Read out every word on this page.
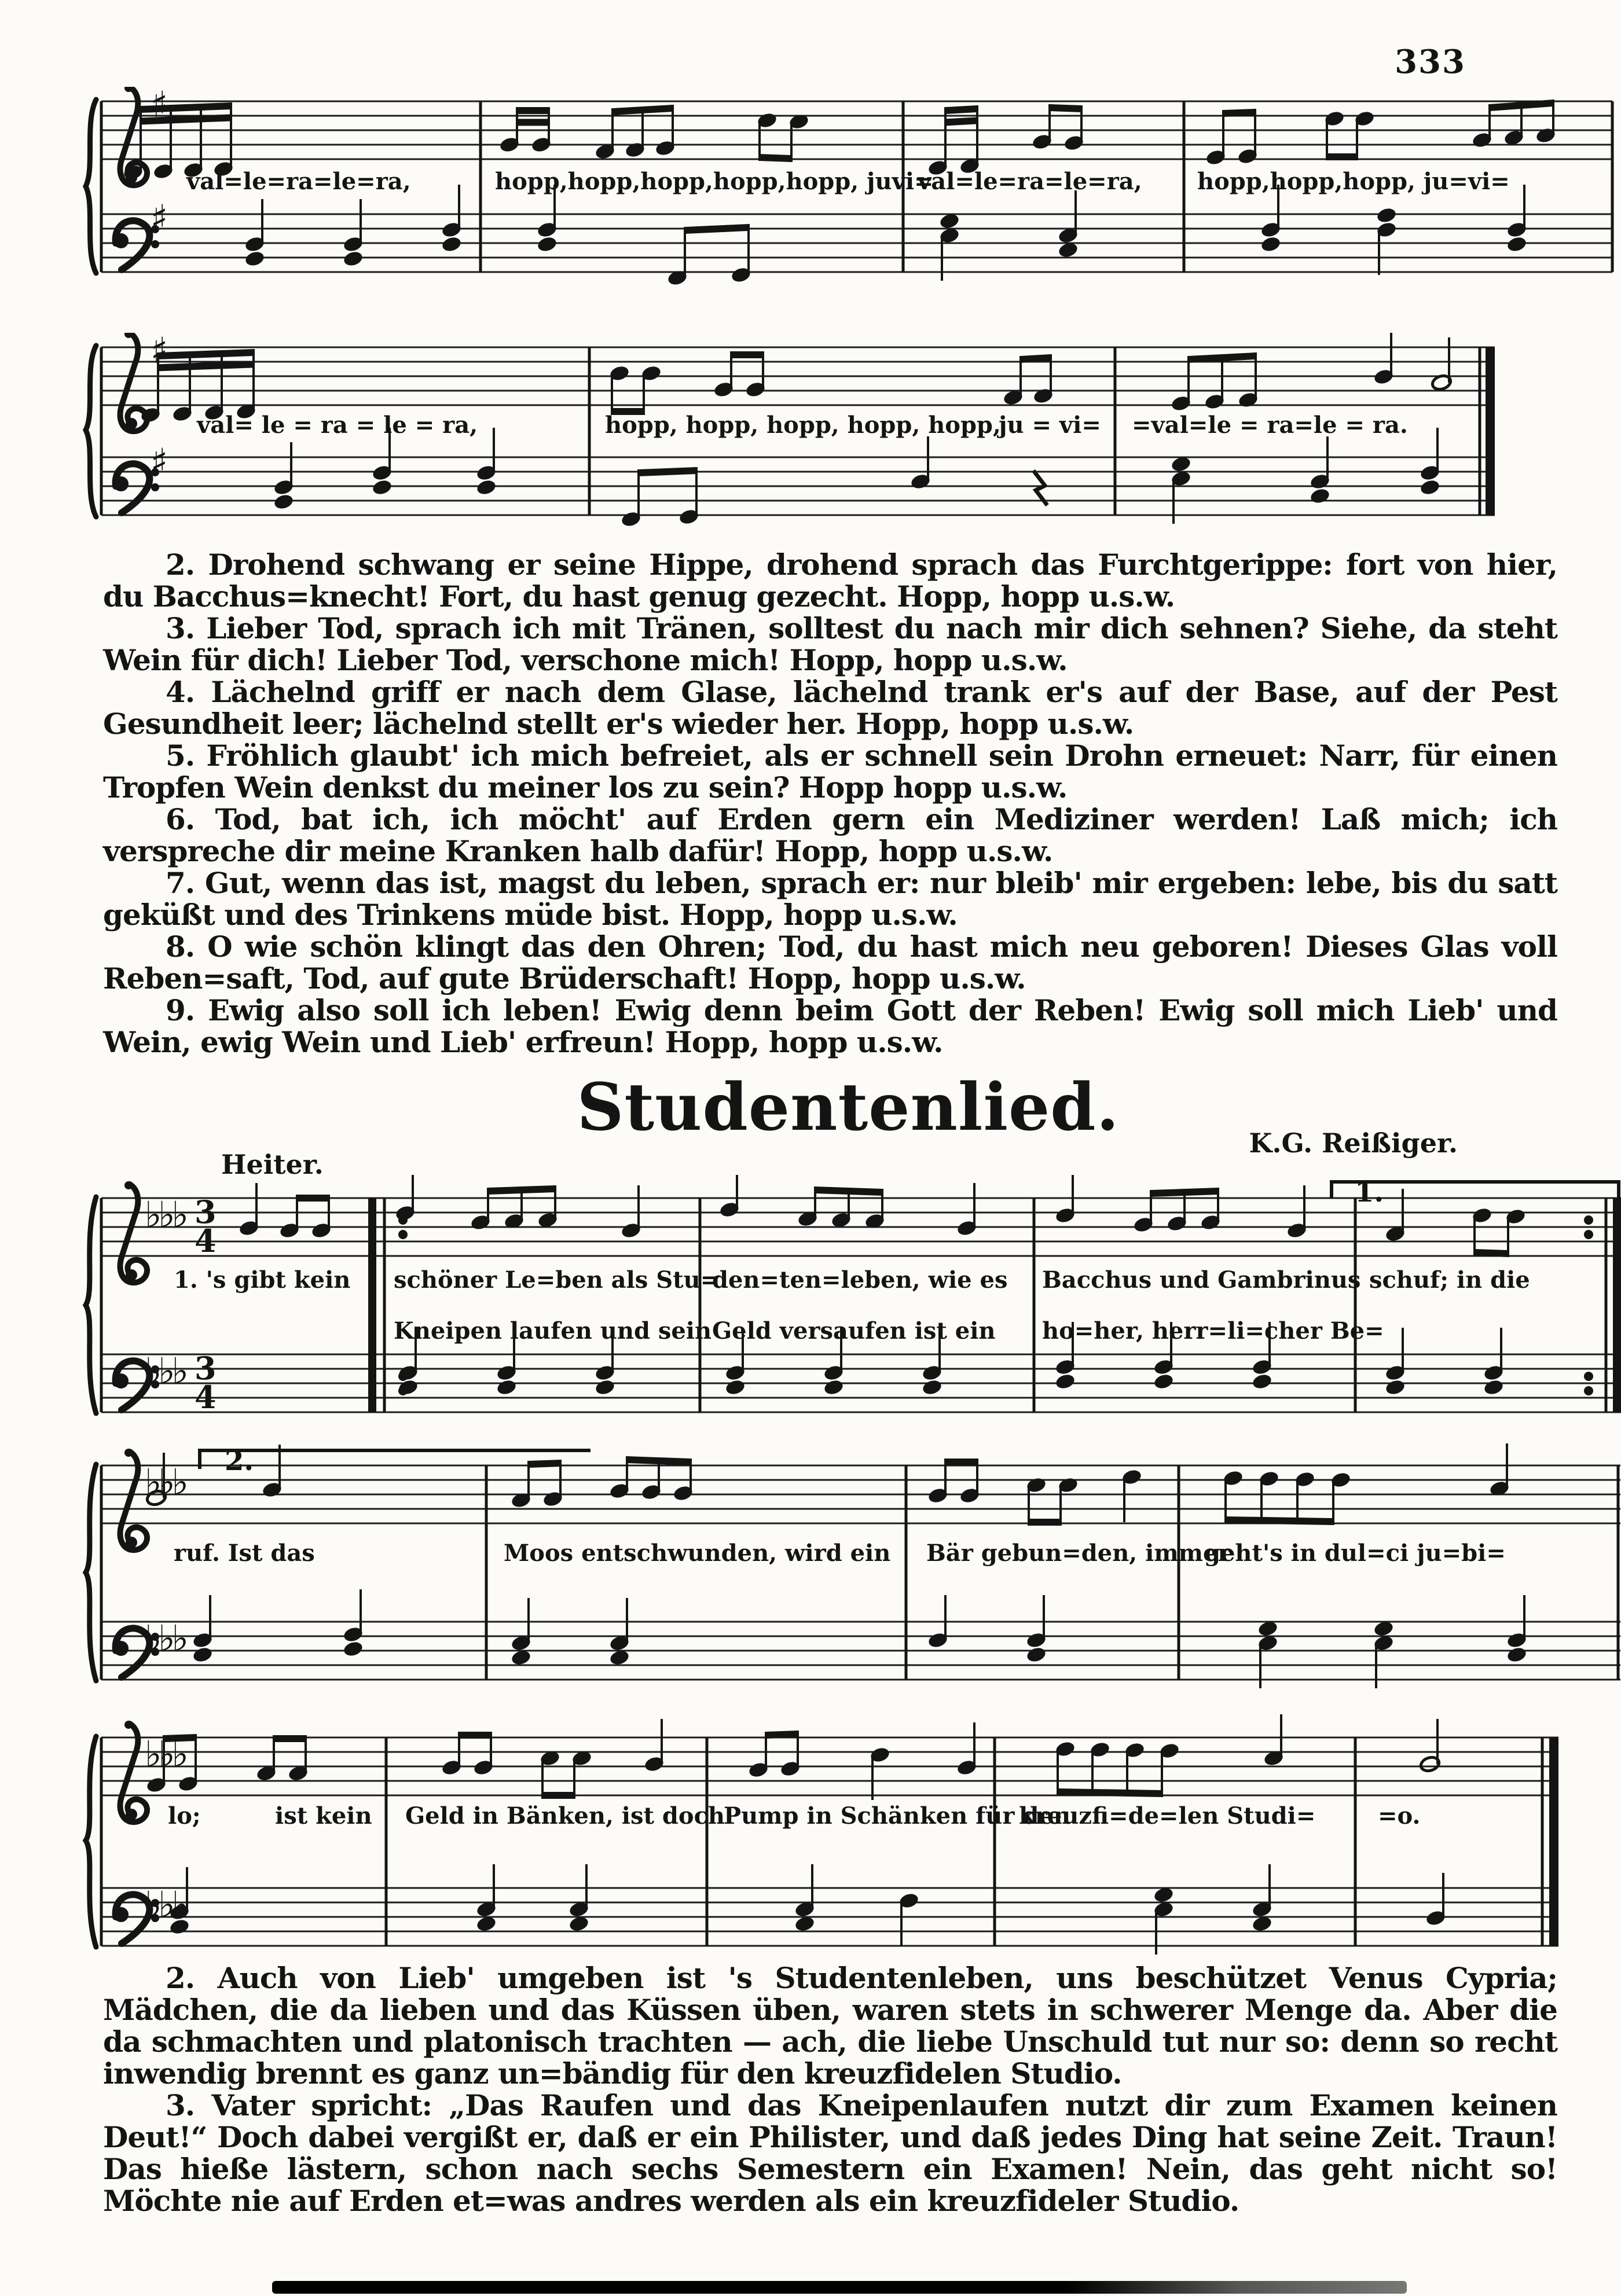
333
♯
♯
val=le=ra=le=ra,	hopp,hopp,hopp,hopp,hopp, juvi=
val=le=ra=le=ra, hopp,hopp,hopp, ju=vi=
♯
♯
val= le = ra = le = ra,	hopp, hopp, hopp, hopp, hopp,
ju = vi= =val=le = ra=le = ra.

2. Drohend schwang er seine Hippe, drohend sprach das Furchtgerippe: fort von hier, du Bacchus=knecht! Fort, du hast genug gezecht. Hopp, hopp u.s.w.

3. Lieber Tod, sprach ich mit Tränen, solltest du nach mir dich sehnen? Siehe, da steht Wein für dich! Lieber Tod, verschone mich! Hopp, hopp u.s.w.

4. Lächelnd griff er nach dem Glase, lächelnd trank er's auf der Base, auf der Pest Gesundheit leer; lächelnd stellt er's wieder her. Hopp, hopp u.s.w.

5. Fröhlich glaubt' ich mich befreiet, als er schnell sein Drohn erneuet: Narr, für einen Tropfen Wein denkst du meiner los zu sein? Hopp hopp u.s.w.

6. Tod, bat ich, ich möcht' auf Erden gern ein Mediziner werden! Laß mich; ich verspreche dir meine Kranken halb dafür! Hopp, hopp u.s.w.

7. Gut, wenn das ist, magst du leben, sprach er: nur bleib' mir ergeben: lebe, bis du satt geküßt und des Trinkens müde bist. Hopp, hopp u.s.w.

8. O wie schön klingt das den Ohren; Tod, du hast mich neu geboren! Dieses Glas voll Reben=saft, Tod, auf gute Brüderschaft! Hopp, hopp u.s.w.

9. Ewig also soll ich leben! Ewig denn beim Gott der Reben! Ewig soll mich Lieb' und Wein, ewig Wein und Lieb' erfreun! Hopp, hopp u.s.w.

Studentenlied.	K.G. Reißiger.
Heiter.
1.
♭♭♭
♭♭♭
3
4
3
4
1. 's gibt kein schöner Le=ben als Stu=
den=ten=leben, wie es Bacchus und Gambrinus schuf; in die
Kneipen laufen und sein Geld versaufen ist ein ho=her, herr=li=cher Be=
2.
♭♭♭
♭♭♭
ruf. Ist das	Moos entschwunden, wird ein Bär gebun=den, immer
geht's in dul=ci ju=bi=
♭♭♭
♭♭♭
lo;	ist kein Geld in Bänken, ist doch
Pump in Schänken für den
kreuzfi=de=len Studi=	=o.

2. Auch von Lieb' umgeben ist 's Studentenleben, uns beschützet Venus Cypria; Mädchen, die da lieben und das Küssen üben, waren stets in schwerer Menge da. Aber die da schmachten und platonisch trachten — ach, die liebe Unschuld tut nur so: denn so recht inwendig brennt es ganz un=bändig für den kreuzfidelen Studio.

3. Vater spricht: „Das Raufen und das Kneipenlaufen nutzt dir zum Examen keinen Deut!“ Doch dabei vergißt er, daß er ein Philister, und daß jedes Ding hat seine Zeit. Traun! Das hieße lästern, schon nach sechs Semestern ein Examen! Nein, das geht nicht so! Möchte nie auf Erden et=was andres werden als ein kreuzfideler Studio.
